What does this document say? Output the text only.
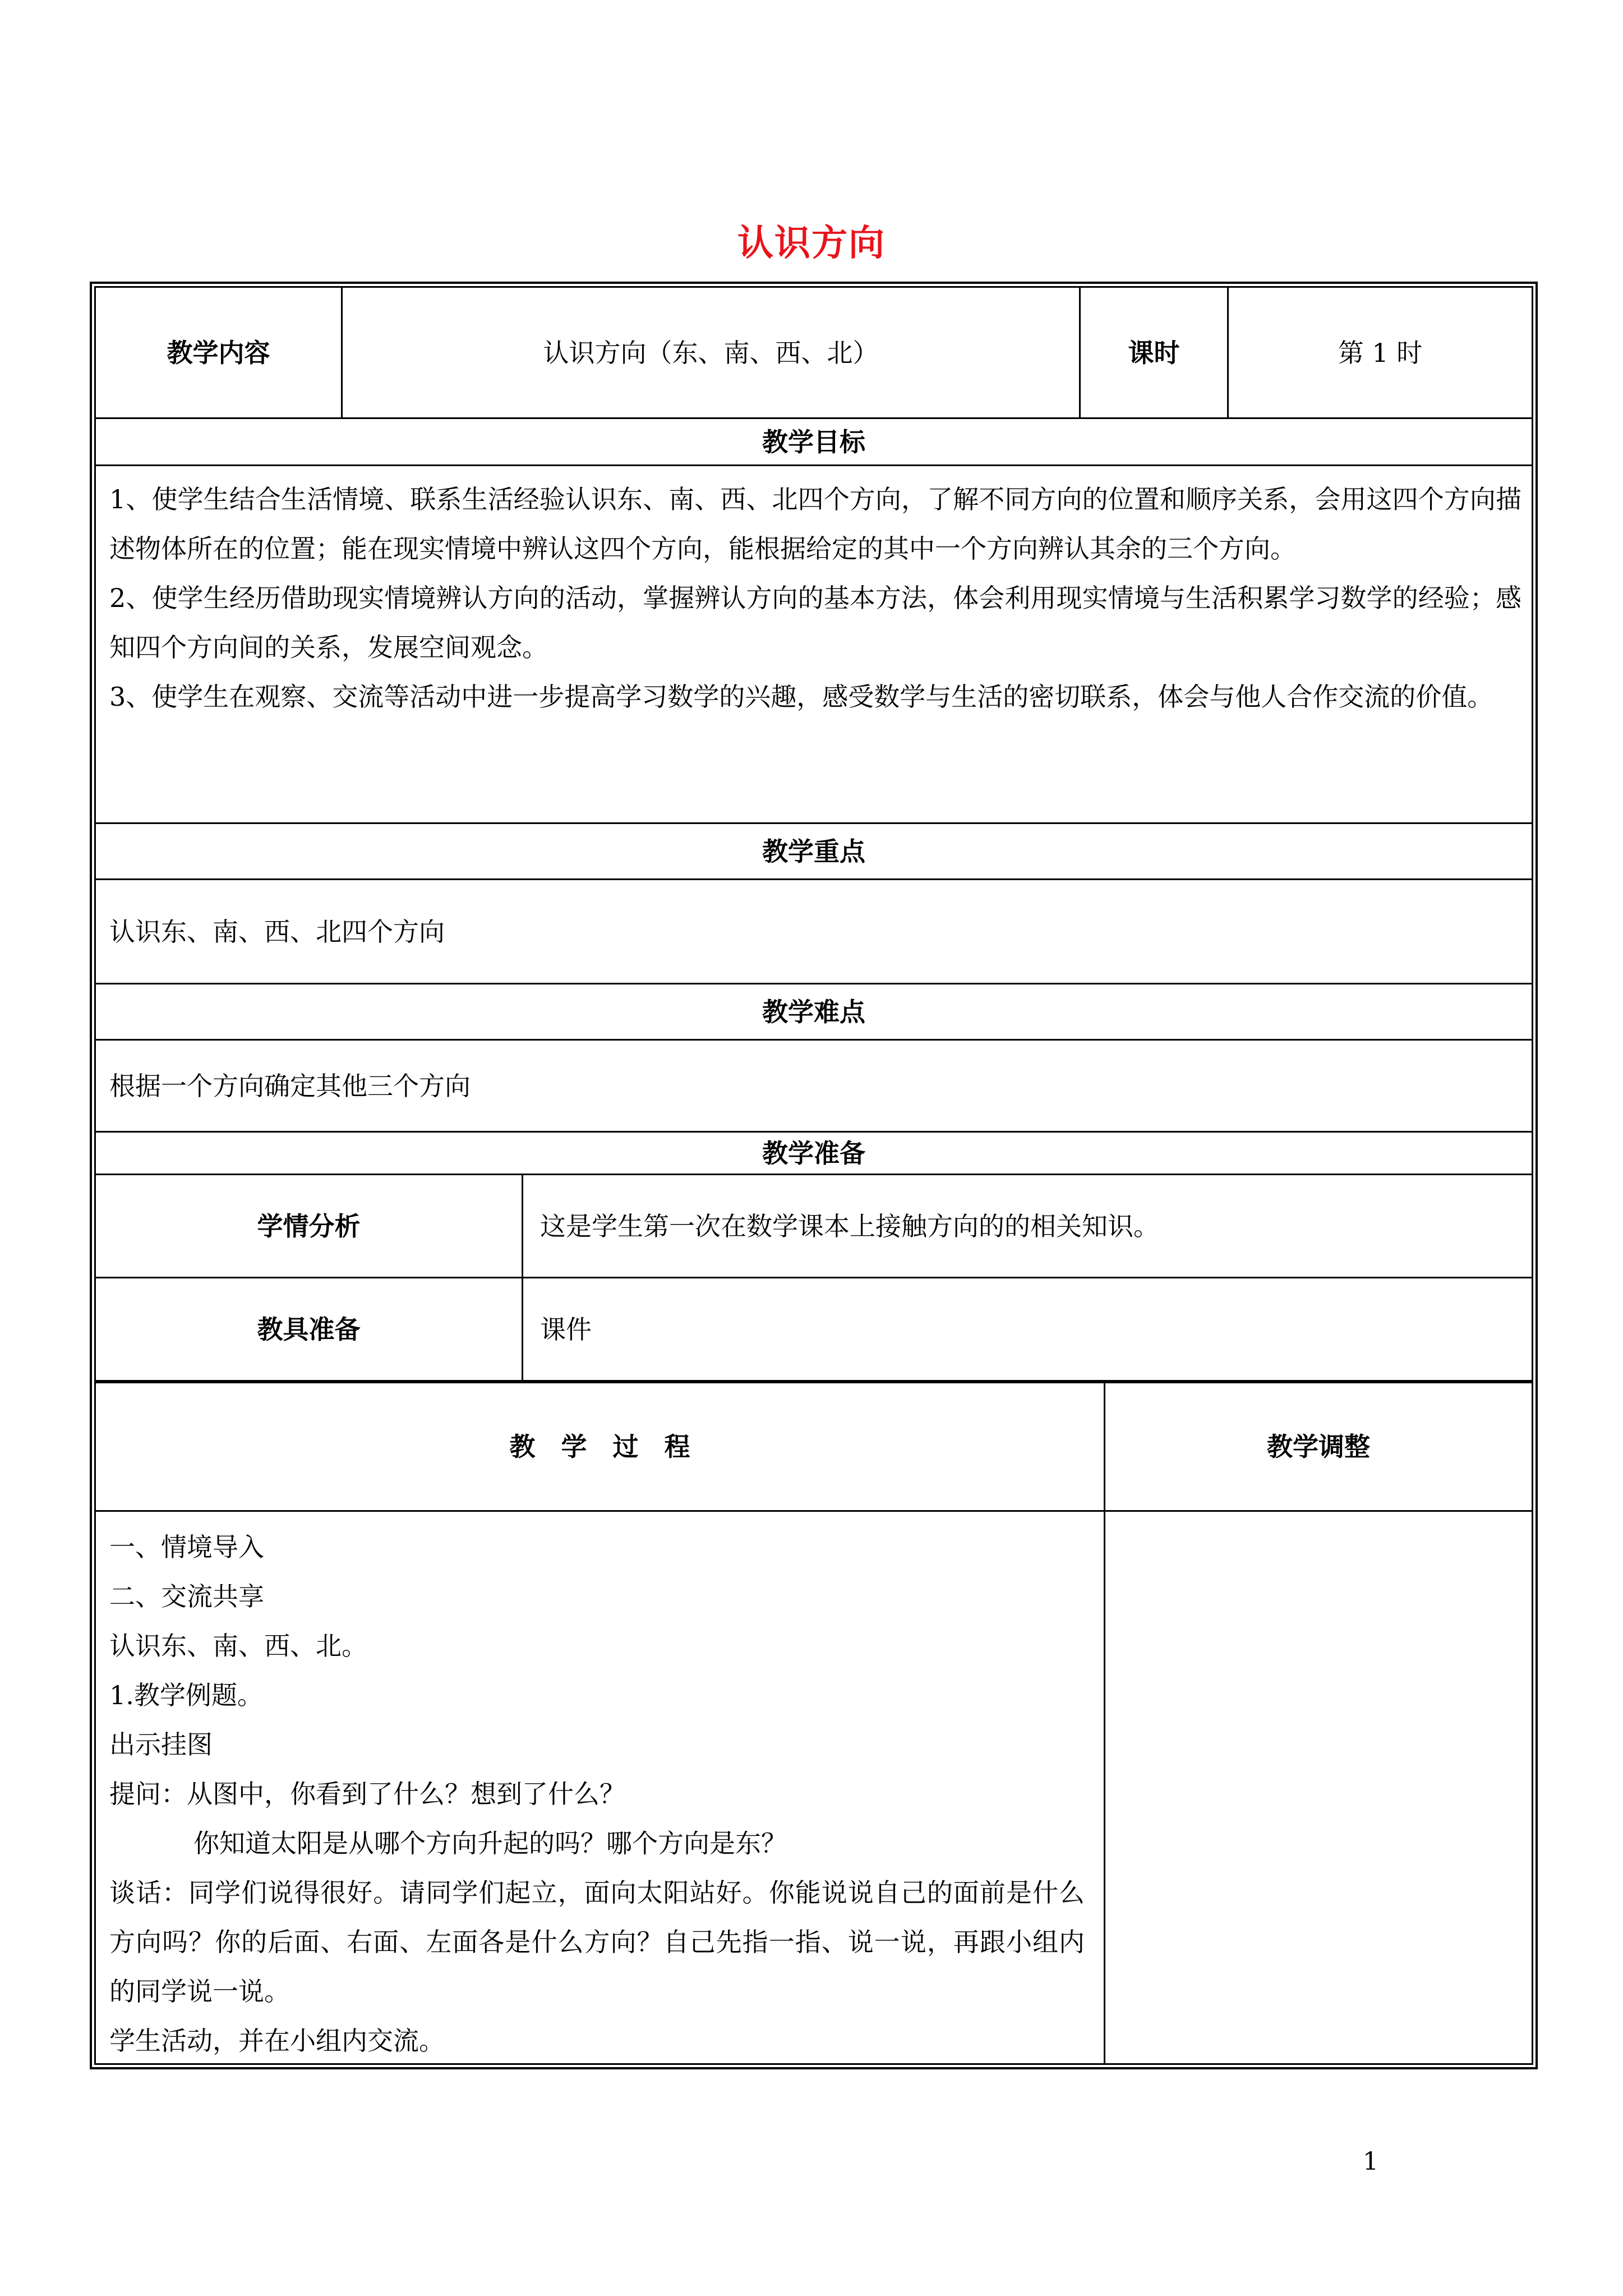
认识方向
教学内容	认识方向（东、南、西、北）	课时	第 1 时
教学目标

1、使学生结合生活情境、联系生活经验认识东、南、西、北四个方向，了解不同方向的位置和顺序关系，会用这四个方向描述物体所在的位置；能在现实情境中辨认这四个方向，能根据给定的其中一个方向辨认其余的三个方向。

2、使学生经历借助现实情境辨认方向的活动，掌握辨认方向的基本方法，体会利用现实情境与生活积累学习数学的经验；感知四个方向间的关系，发展空间观念。

3、使学生在观察、交流等活动中进一步提高学习数学的兴趣，感受数学与生活的密切联系，体会与他人合作交流的价值。

教学重点
认识东、南、西、北四个方向
教学难点
根据一个方向确定其他三个方向
教学准备
学情分析	这是学生第一次在数学课本上接触方向的的相关知识。
教具准备	课件
教　学　过　程	教学调整

一、情境导入

二、交流共享

认识东、南、西、北。

1.教学例题。

出示挂图

提问：从图中，你看到了什么？想到了什么？

你知道太阳是从哪个方向升起的吗？哪个方向是东？

谈话：同学们说得很好。请同学们起立，面向太阳站好。你能说说自己的面前是什么方向吗？你的后面、右面、左面各是什么方向？自己先指一指、说一说，再跟小组内的同学说一说。

学生活动，并在小组内交流。

1
